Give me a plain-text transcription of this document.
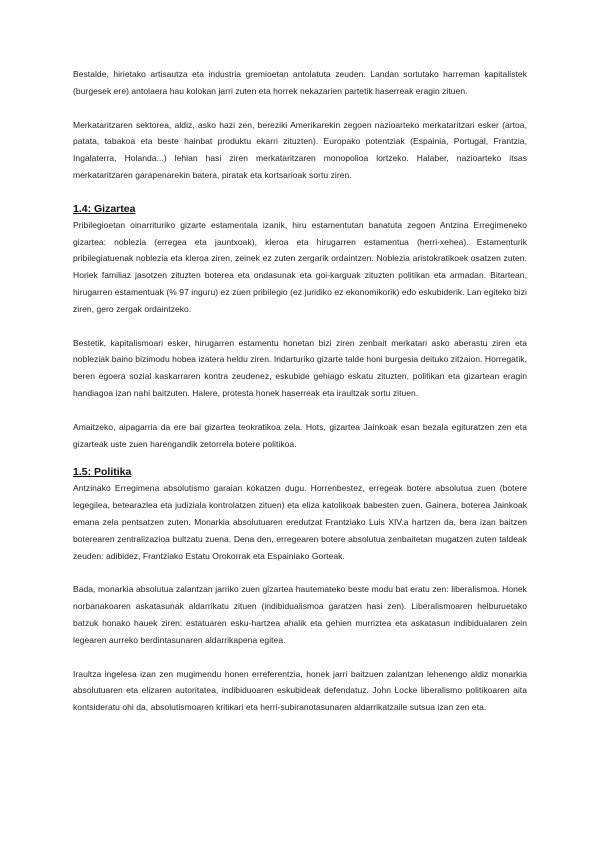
Bestalde, hirietako artisautza eta industria gremioetan antolatuta zeuden. Landan sortutako harreman kapitalistek (burgesek ere) antolaera hau kolokan jarri zuten eta horrek nekazarien partetik haserreak eragin zituen.

Merkataritzaren sektorea, aldiz, asko hazi zen, bereziki Amerikarekin zegoen nazioarteko merkataritzari esker (artoa, patata, tabakoa eta beste hainbat produktu ekarri zituzten). Europako potentziak (Espainia, Portugal, Frantzia, Ingalaterra, Holanda...) lehian hasi ziren merkataritzaren monopolioa lortzeko. Halaber, nazioarteko itsas merkataritzaren garapenarekin batera, piratak eta kortsarioak sortu ziren.

1.4: Gizartea

Pribilegioetan oinarrituriko gizarte estamentala izanik, hiru estamentutan banatuta zegoen Antzina Erregimeneko gizartea: noblezia (erregea eta jauntxoak), kleroa eta hirugarren estamentua (herri-xehea). Estamenturik pribilegiatuenak noblezia eta kleroa ziren, zeinek ez zuten zergarik ordaintzen. Noblezia aristokratikoek osatzen zuten. Horiek familiaz jasotzen zituzten boterea eta ondasunak eta goi-karguak zituzten politikan eta armadan. Bitartean, hirugarren estamentuak (% 97 inguru) ez zuen pribilegio (ez juridiko ez ekonomikorik) edo eskubiderik. Lan egiteko bizi ziren, gero zergak ordaintzeko.

Bestetik, kapitalismoari esker, hirugarren estamentu honetan bizi ziren zenbait merkatari asko aberastu ziren eta nobleziak baino bizimodu hobea izatera heldu ziren. Indarturiko gizarte talde honi burgesia deituko zitzaion. Horregatik, beren egoera sozial kaskarraren kontra zeudenez, eskubide gehiago eskatu zituzten, politikan eta gizartean eragin handiagoa izan nahi baitzuten. Halere, protesta honek haserreak eta iraultzak sortu zituen.

Amaitzeko, aipagarria da ere bai gizartea teokratikoa zela. Hots, gizartea Jainkoak esan bezala egituratzen zen eta gizarteak uste zuen harengandik zetorrela botere politikoa.

1.5: Politika

Antzinako Erregimena absolutismo garaian kokatzen dugu. Horrenbestez, erregeak botere absolutua zuen (botere legegilea, betearazlea eta judiziala kontrolatzen zituen) eta eliza katolikoak babesten zuen. Gainera, boterea Jainkoak emana zela pentsatzen zuten. Monarkia absolutuaren eredutzat Frantziako Luis XIV.a hartzen da, bera izan baitzen boterearen zentralizazioa bultzatu zuena. Dena den, erregearen botere absolutua zenbaitetan mugatzen zuten taldeak zeuden: adibidez, Frantziako Estatu Orokorrak eta Espainiako Gorteak.

Bada, monarkia absolutua zalantzan jarriko zuen gizartea hautemateko beste modu bat eratu zen: liberalismoa. Honek norbanakoaren askatasunak aldarrikatu zituen (indibidualismoa garatzen hasi zen). Liberalismoaren helburuetako batzuk honako hauek ziren: estatuaren esku-hartzea ahalik eta gehien murriztea eta askatasun indibidualaren zein legearen aurreko berdintasunaren aldarrikapena egitea.

Iraultza ingelesa izan zen mugimendu honen erreferentzia, honek jarri baitzuen zalantzan lehenengo aldiz monarkia absolutuaren eta elizaren autoritatea, indibiduoaren eskubideak defendatuz. John Locke liberalismo politikoaren aita kontsideratu ohi da, absolutismoaren kritikari eta herri-subiranotasunaren aldarrikatzaile sutsua izan zen eta.
